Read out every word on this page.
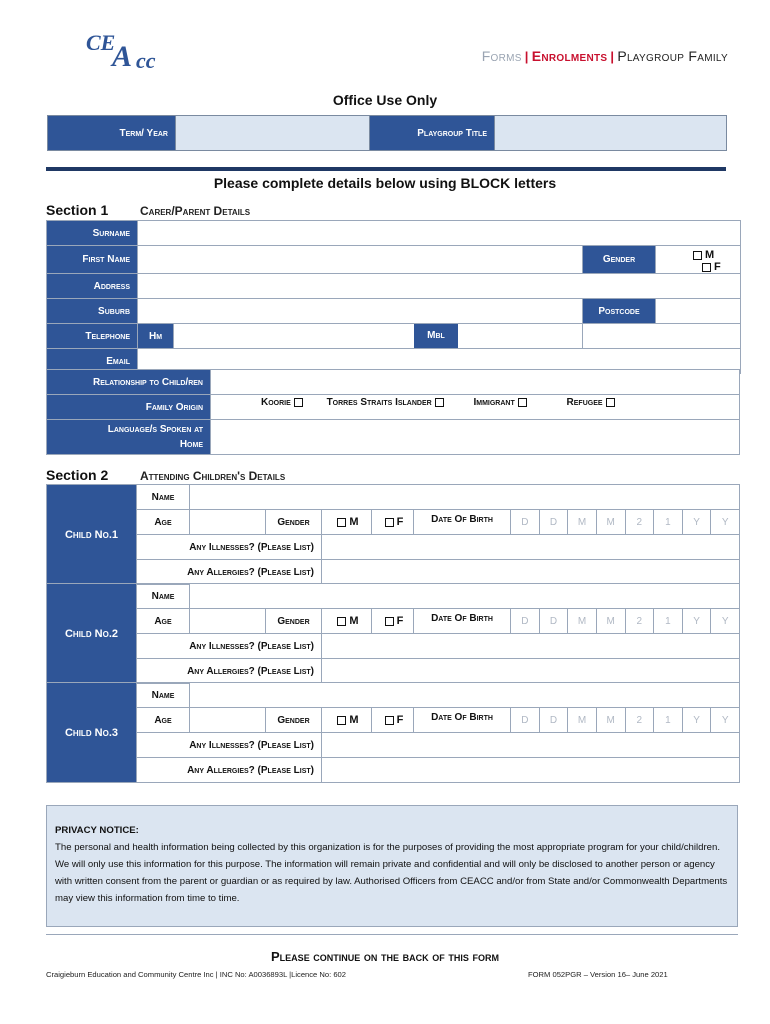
CE
A cc	Forms | Enrolments | Playgroup Family
Office Use Only
Term/ Year		Playgroup Title	
Please complete details below using BLOCK letters
Section 1	Carer/Parent Details
Surname				
First Name			Gender	M F
Address				
Suburb			Postcode	
Telephone	Hm	Mbl		

Email				
Relationship to Child/ren	
Family Origin	Koorie Torres Straits Islander Immigrant Refugee

Language/s Spoken at
Home	

Section 2	Attending Children's Details
Child No.1	Name													
	Age		Gender	M	F	Date Of Birth	D	D	M	M	2	1	Y	Y
	Any Illnesses? (Please List)													
	Any Allergies? (Please List)													
Child No.2	Name													
	Age		Gender	M	F	Date Of Birth	D	D	M	M	2	1	Y	Y
	Any Illnesses? (Please List)													
	Any Allergies? (Please List)													
Child No.3	Name													
	Age		Gender	M	F	Date Of Birth	D	D	M	M	2	1	Y	Y
	Any Illnesses? (Please List)													
	Any Allergies? (Please List)													
PRIVACY NOTICE:
The personal and health information being collected by this organization is for the purposes of providing the most appropriate program for your child/children. We will only use this information for this purpose. The information will remain private and confidential and will only be disclosed to another person or agency with written consent from the parent or guardian or as required by law. Authorised Officers from CEACC and/or from State and/or Commonwealth Departments may view this information from time to time.
Please continue on the back of this form
Craigieburn Education and Community Centre Inc | INC No: A0036893L |Licence No: 602	FORM 052PGR – Version 16– June 2021
